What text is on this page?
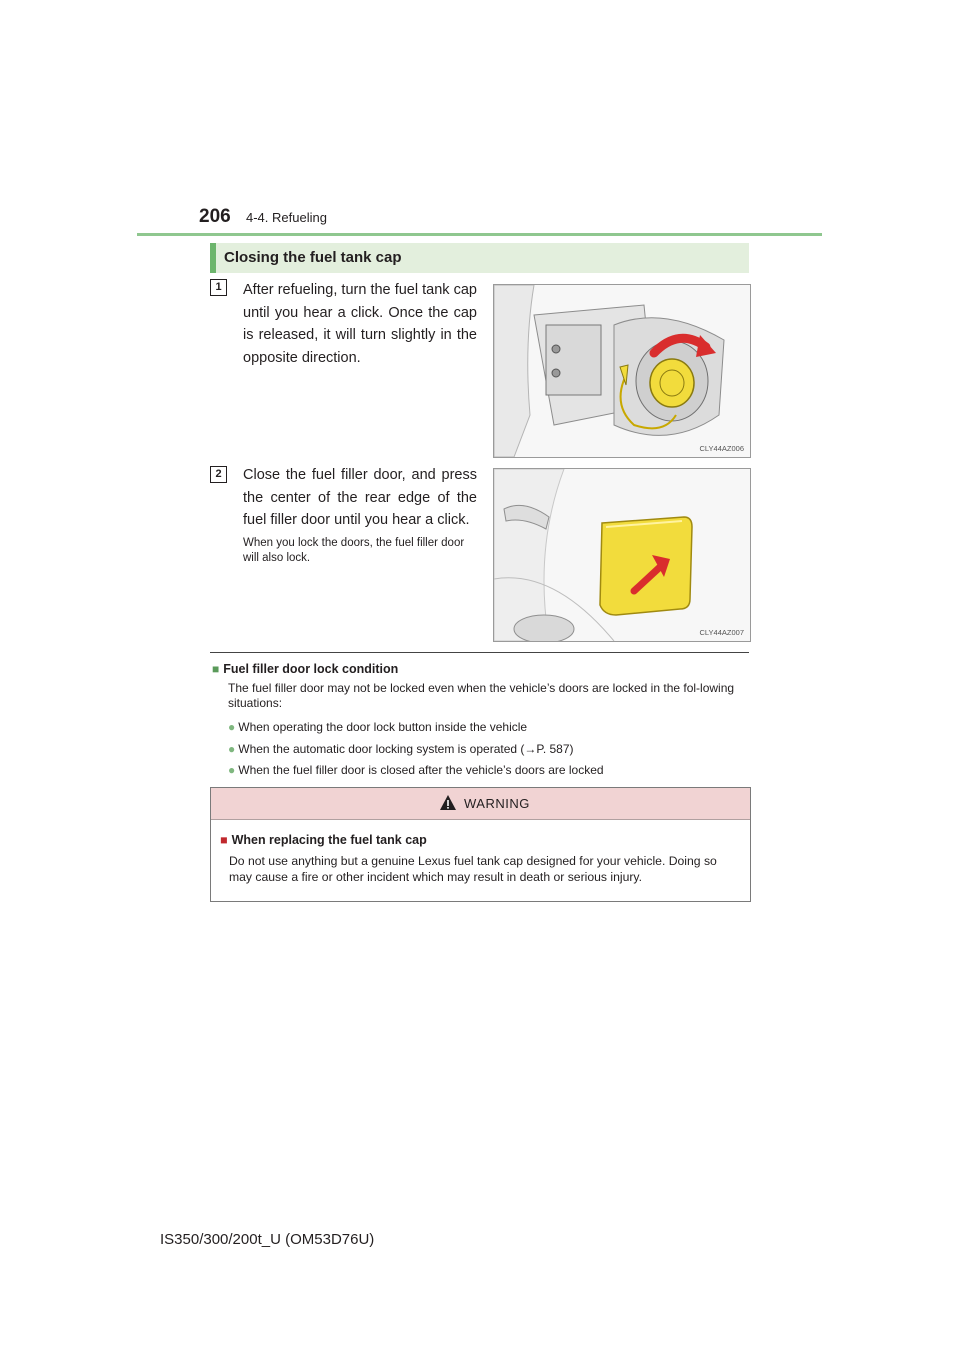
206 4-4. Refueling
Closing the fuel tank cap
1	After refueling, turn the fuel tank cap until you hear a click. Once the cap is released, it will turn slightly in the opposite direction.
CLY44AZ006
2	Close the fuel filler door, and press the center of the rear edge of the fuel filler door until you hear a click.
When you lock the doors, the fuel filler door will also lock.
CLY44AZ007
■ Fuel filler door lock condition
The fuel filler door may not be locked even when the vehicle’s doors are locked in the fol-lowing situations:
● When operating the door lock button inside the vehicle
● When the automatic door locking system is operated (→P. 587)
● When the fuel filler door is closed after the vehicle’s doors are locked
WARNING
■ When replacing the fuel tank cap
Do not use anything but a genuine Lexus fuel tank cap designed for your vehicle. Doing so may cause a fire or other incident which may result in death or serious injury.
IS350/300/200t_U (OM53D76U)
